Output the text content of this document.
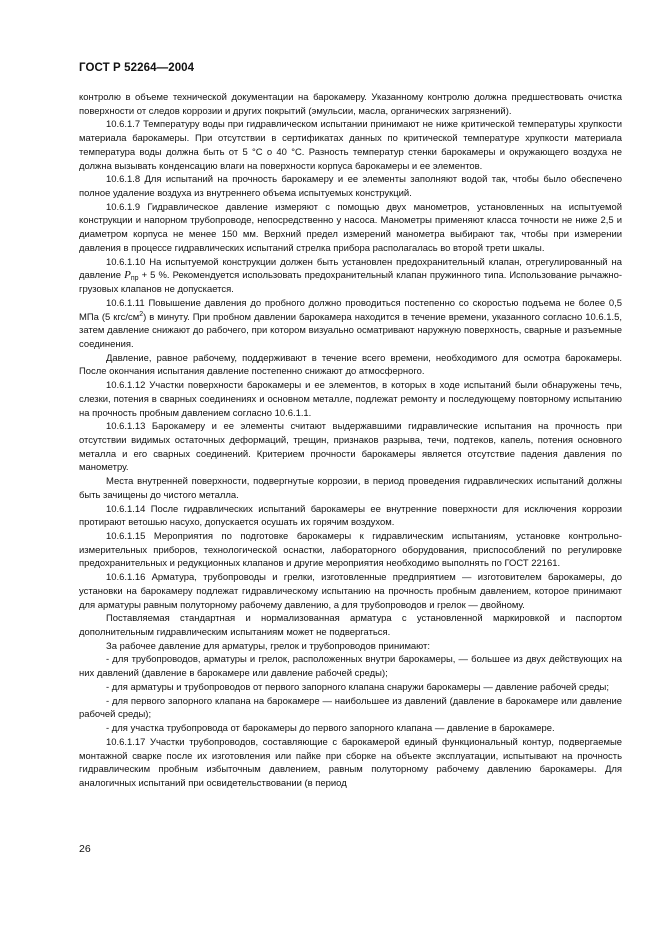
ГОСТ Р 52264—2004

контролю в объеме технической документации на барокамеру. Указанному контролю должна предшествовать очистка поверхности от следов коррозии и других покрытий (эмульсии, масла, органических загрязнений).

10.6.1.7 Температуру воды при гидравлическом испытании принимают не ниже критической температуры хрупкости материала барокамеры. При отсутствии в сертификатах данных по критической температуре хрупкости материала температура воды должна быть от 5 °С о 40 °С. Разность температур стенки барокамеры и окружающего воздуха не должна вызывать конденсацию влаги на поверхности корпуса барокамеры и ее элементов.

10.6.1.8 Для испытаний на прочность барокамеру и ее элементы заполняют водой так, чтобы было обеспечено полное удаление воздуха из внутреннего объема испытуемых конструкций.

10.6.1.9 Гидравлическое давление измеряют с помощью двух манометров, установленных на испытуемой конструкции и напорном трубопроводе, непосредственно у насоса. Манометры применяют класса точности не ниже 2,5 и диаметром корпуса не менее 150 мм. Верхний предел измерений манометра выбирают так, чтобы при измерении давления в процессе гидравлических испытаний стрелка прибора располагалась во второй трети шкалы.

10.6.1.10 На испытуемой конструкции должен быть установлен предохранительный клапан, отрегулированный на давление $P_{пр} + 5$ %. Рекомендуется использовать предохранительный клапан пружинного типа. Использование рычажно-грузовых клапанов не допускается.

10.6.1.11 Повышение давления до пробного должно проводиться постепенно со скоростью подъема не более 0,5 МПа (5 кгс/$см^2$) в минуту. При пробном давлении барокамера находится в течение времени, указанного согласно 10.6.1.5, затем давление снижают до рабочего, при котором визуально осматривают наружную поверхность, сварные и разъемные соединения.

Давление, равное рабочему, поддерживают в течение всего времени, необходимого для осмотра барокамеры. После окончания испытания давление постепенно снижают до атмосферного.

10.6.1.12 Участки поверхности барокамеры и ее элементов, в которых в ходе испытаний были обнаружены течь, слезки, потения в сварных соединениях и основном металле, подлежат ремонту и последующему повторному испытанию на прочность пробным давлением согласно 10.6.1.1.

10.6.1.13 Барокамеру и ее элементы считают выдержавшими гидравлические испытания на прочность при отсутствии видимых остаточных деформаций, трещин, признаков разрыва, течи, подтеков, капель, потения основного металла и его сварных соединений. Критерием прочности барокамеры является отсутствие падения давления по манометру.

Места внутренней поверхности, подвергнутые коррозии, в период проведения гидравлических испытаний должны быть зачищены до чистого металла.

10.6.1.14 После гидравлических испытаний барокамеры ее внутренние поверхности для исключения коррозии протирают ветошью насухо, допускается осушать их горячим воздухом.

10.6.1.15 Мероприятия по подготовке барокамеры к гидравлическим испытаниям, установке контрольно-измерительных приборов, технологической оснастки, лабораторного оборудования, приспособлений по регулировке предохранительных и редукционных клапанов и другие мероприятия необходимо выполнять по ГОСТ 22161.

10.6.1.16 Арматура, трубопроводы и грелки, изготовленные предприятием — изготовителем барокамеры, до установки на барокамеру подлежат гидравлическому испытанию на прочность пробным давлением, которое принимают для арматуры равным полуторному рабочему давлению, а для трубопроводов и грелок — двойному.

Поставляемая стандартная и нормализованная арматура с установленной маркировкой и паспортом дополнительным гидравлическим испытаниям может не подвергаться.

За рабочее давление для арматуры, грелок и трубопроводов принимают:

- для трубопроводов, арматуры и грелок, расположенных внутри барокамеры, — большее из двух действующих на них давлений (давление в барокамере или давление рабочей среды);

- для арматуры и трубопроводов от первого запорного клапана снаружи барокамеры — давление рабочей среды;

- для первого запорного клапана на барокамере — наибольшее из давлений (давление в барокамере или давление рабочей среды);

- для участка трубопровода от барокамеры до первого запорного клапана — давление в барокамере.

10.6.1.17 Участки трубопроводов, составляющие с барокамерой единый функциональный контур, подвергаемые монтажной сварке после их изготовления или пайке при сборке на объекте эксплуатации, испытывают на прочность гидравлическим пробным избыточным давлением, равным полуторному рабочему давлению барокамеры. Для аналогичных испытаний при освидетельствовании (в период

26
